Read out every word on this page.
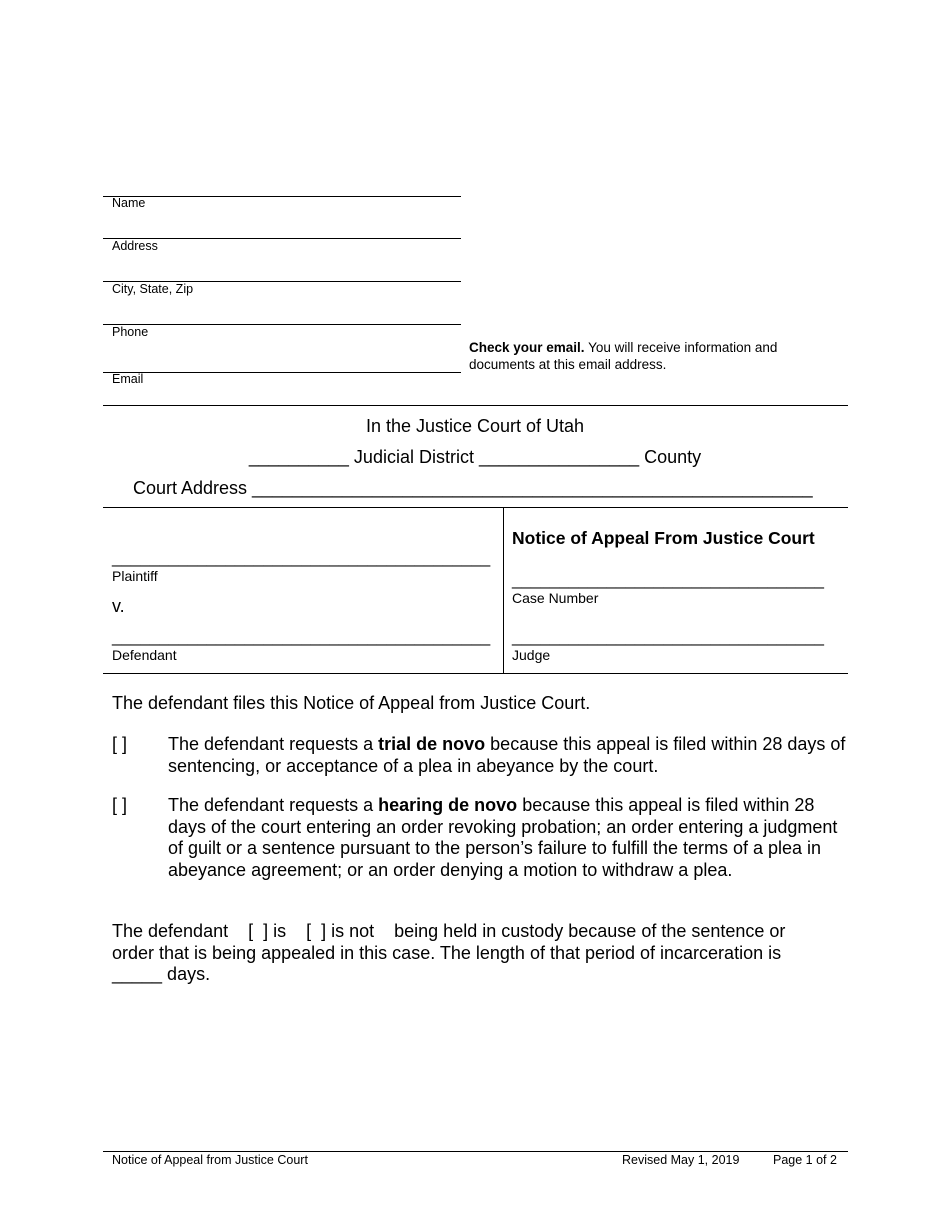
Name
Address
City, State, Zip
Phone
Email
Check your email. You will receive information and documents at this email address.
In the Justice Court of Utah
__________ Judicial District ________________ County
Court Address ________________________________________________________
________________________________________
Plaintiff
v.
________________________________________
Defendant
Notice of Appeal From Justice Court
_________________________________
Case Number
_________________________________
Judge
The defendant files this Notice of Appeal from Justice Court.
[ ] The defendant requests a trial de novo because this appeal is filed within 28 days of sentencing, or acceptance of a plea in abeyance by the court.
[ ] The defendant requests a hearing de novo because this appeal is filed within 28 days of the court entering an order revoking probation; an order entering a judgment of guilt or a sentence pursuant to the person’s failure to fulfill the terms of a plea in abeyance agreement; or an order denying a motion to withdraw a plea.
The defendant    [  ] is    [  ] is not    being held in custody because of the sentence or order that is being appealed in this case. The length of that period of incarceration is _____ days.
Notice of Appeal from Justice Court	Revised May 1, 2019	Page 1 of 2
